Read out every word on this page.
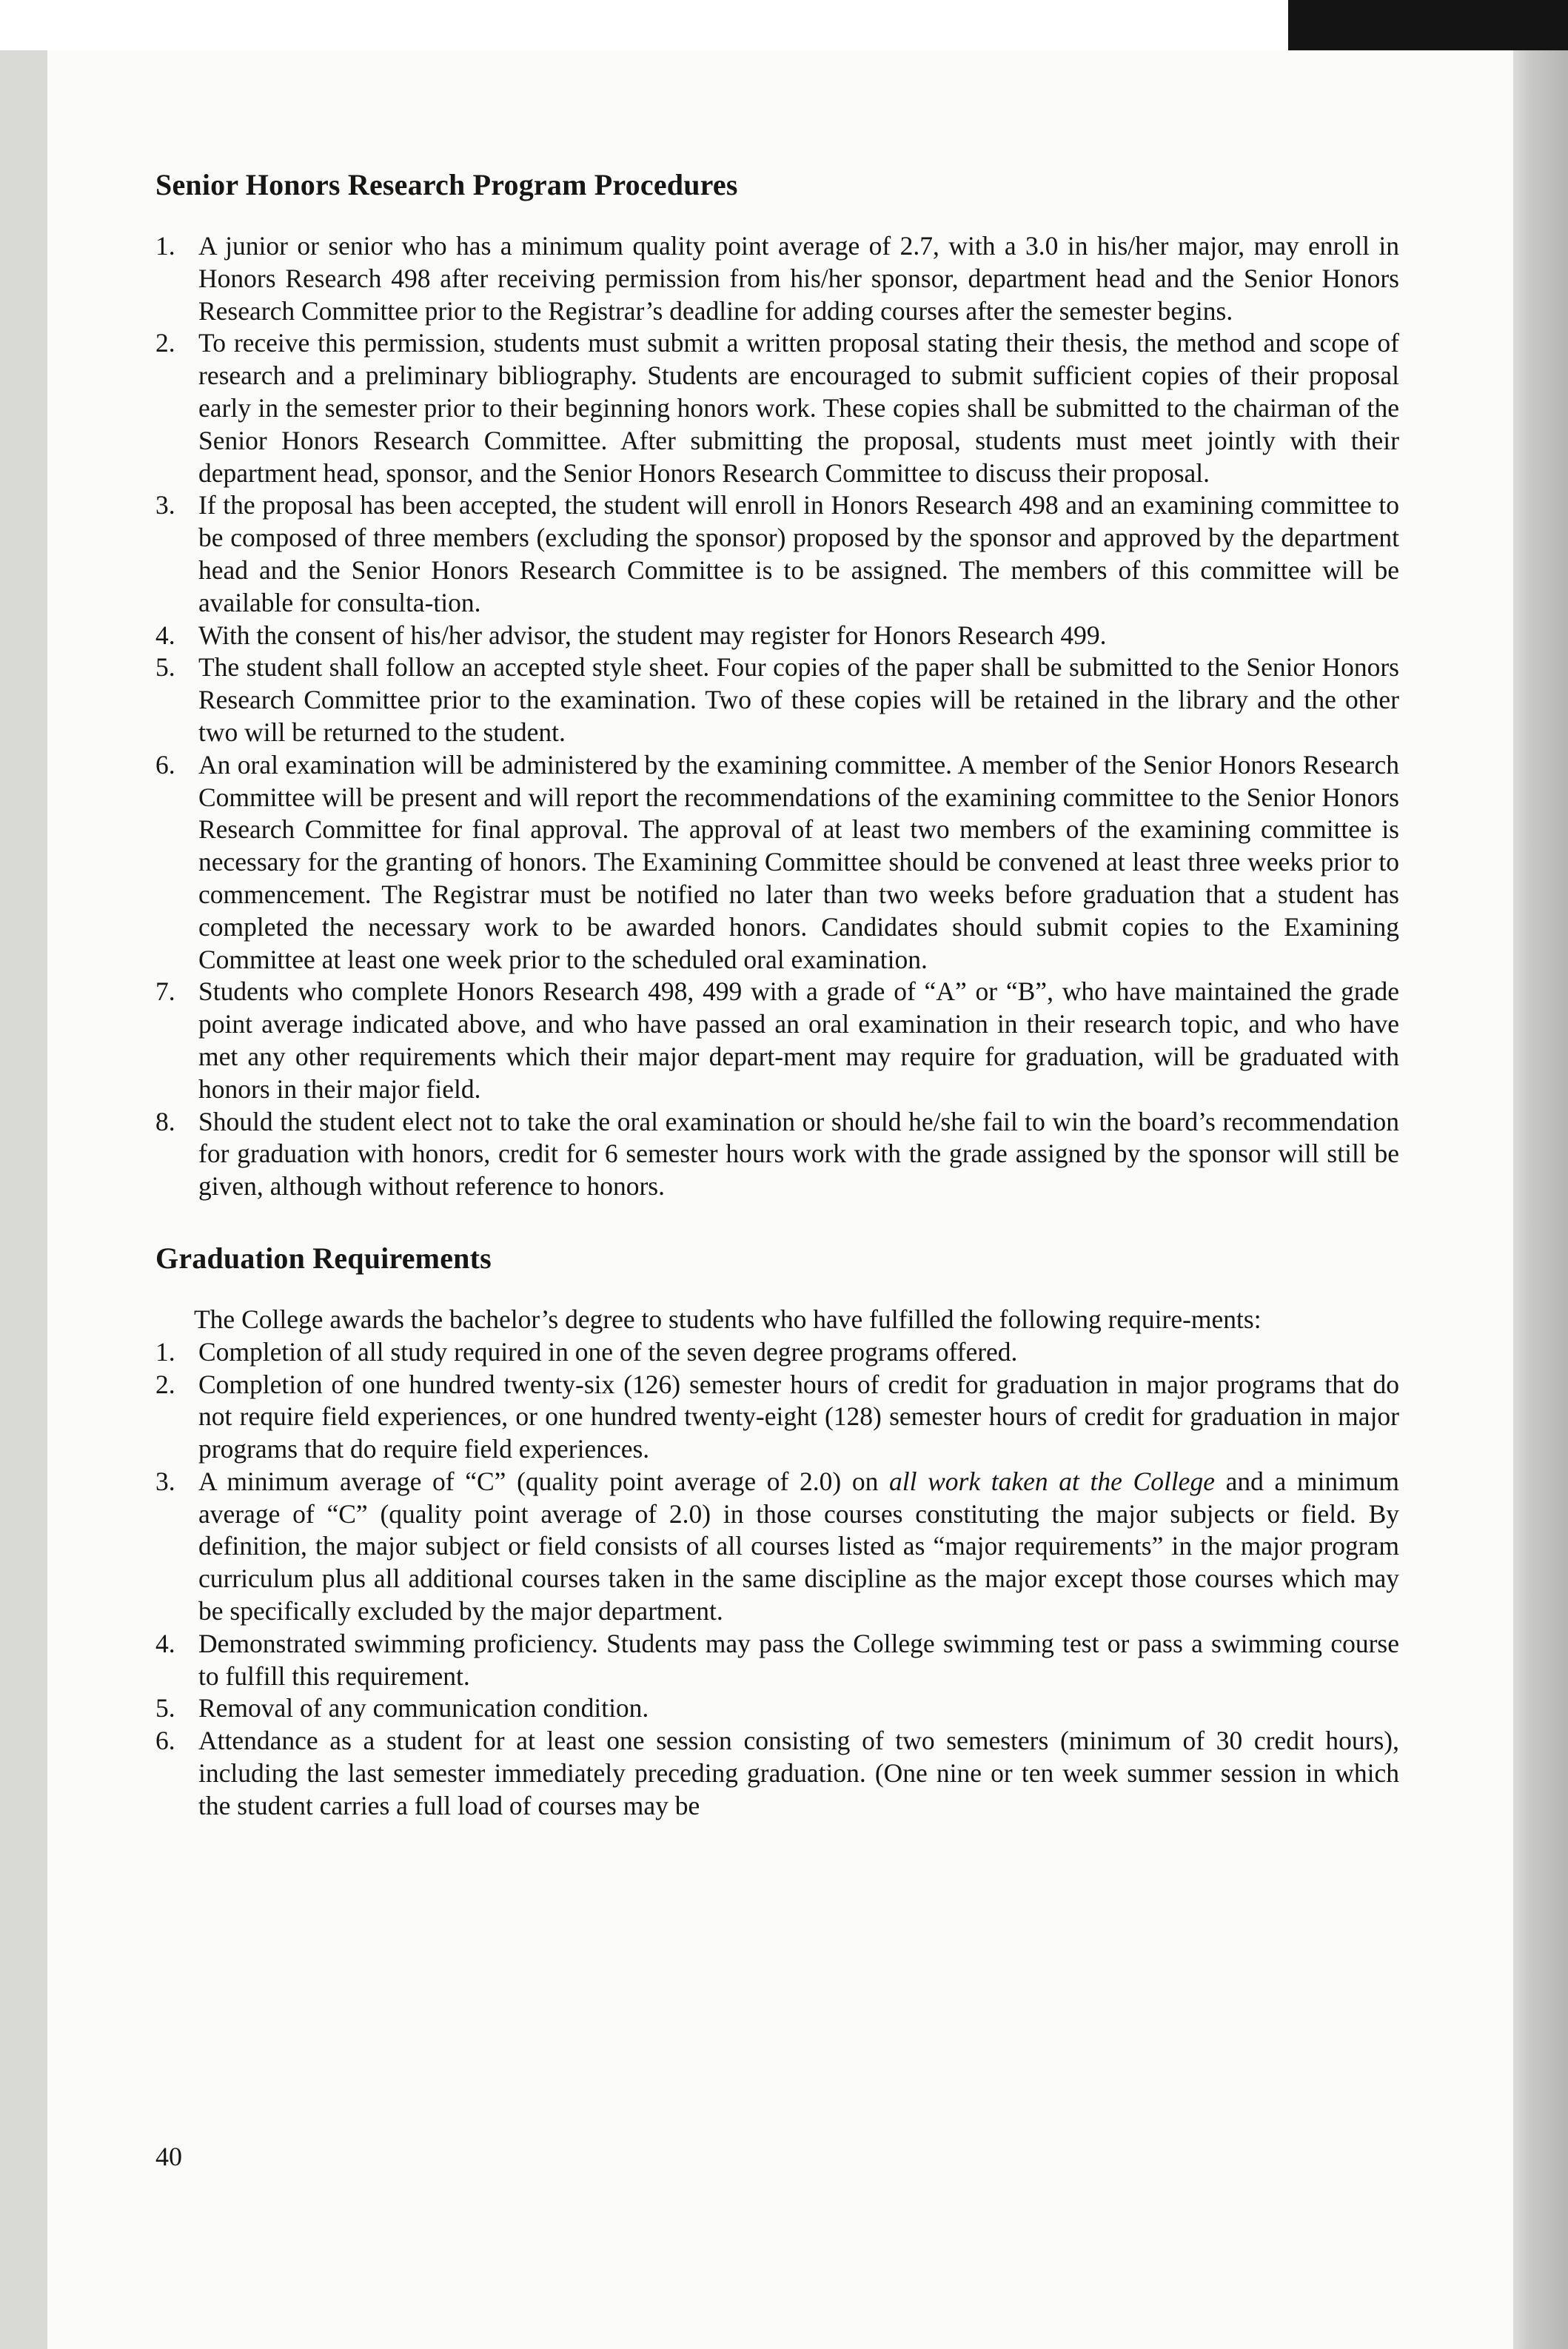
Senior Honors Research Program Procedures
1. A junior or senior who has a minimum quality point average of 2.7, with a 3.0 in his/her major, may enroll in Honors Research 498 after receiving permission from his/her sponsor, department head and the Senior Honors Research Committee prior to the Registrar’s deadline for adding courses after the semester begins.
2. To receive this permission, students must submit a written proposal stating their thesis, the method and scope of research and a preliminary bibliography. Students are encouraged to submit sufficient copies of their proposal early in the semester prior to their beginning honors work. These copies shall be submitted to the chairman of the Senior Honors Research Committee. After submitting the proposal, students must meet jointly with their department head, sponsor, and the Senior Honors Research Committee to discuss their proposal.
3. If the proposal has been accepted, the student will enroll in Honors Research 498 and an examining committee to be composed of three members (excluding the sponsor) proposed by the sponsor and approved by the department head and the Senior Honors Research Committee is to be assigned. The members of this committee will be available for consulta-tion.
4. With the consent of his/her advisor, the student may register for Honors Research 499.
5. The student shall follow an accepted style sheet. Four copies of the paper shall be submitted to the Senior Honors Research Committee prior to the examination. Two of these copies will be retained in the library and the other two will be returned to the student.
6. An oral examination will be administered by the examining committee. A member of the Senior Honors Research Committee will be present and will report the recommendations of the examining committee to the Senior Honors Research Committee for final approval. The approval of at least two members of the examining committee is necessary for the granting of honors. The Examining Committee should be convened at least three weeks prior to commencement. The Registrar must be notified no later than two weeks before graduation that a student has completed the necessary work to be awarded honors. Candidates should submit copies to the Examining Committee at least one week prior to the scheduled oral examination.
7. Students who complete Honors Research 498, 499 with a grade of “A” or “B”, who have maintained the grade point average indicated above, and who have passed an oral examination in their research topic, and who have met any other requirements which their major depart-ment may require for graduation, will be graduated with honors in their major field.
8. Should the student elect not to take the oral examination or should he/she fail to win the board’s recommendation for graduation with honors, credit for 6 semester hours work with the grade assigned by the sponsor will still be given, although without reference to honors.
Graduation Requirements

The College awards the bachelor’s degree to students who have fulfilled the following require-ments:

1. Completion of all study required in one of the seven degree programs offered.
2. Completion of one hundred twenty-six (126) semester hours of credit for graduation in major programs that do not require field experiences, or one hundred twenty-eight (128) semester hours of credit for graduation in major programs that do require field experiences.
3. A minimum average of “C” (quality point average of 2.0) on all work taken at the College and a minimum average of “C” (quality point average of 2.0) in those courses constituting the major subjects or field. By definition, the major subject or field consists of all courses listed as “major requirements” in the major program curriculum plus all additional courses taken in the same discipline as the major except those courses which may be specifically excluded by the major department.
4. Demonstrated swimming proficiency. Students may pass the College swimming test or pass a swimming course to fulfill this requirement.
5. Removal of any communication condition.
6. Attendance as a student for at least one session consisting of two semesters (minimum of 30 credit hours), including the last semester immediately preceding graduation. (One nine or ten week summer session in which the student carries a full load of courses may be
40
